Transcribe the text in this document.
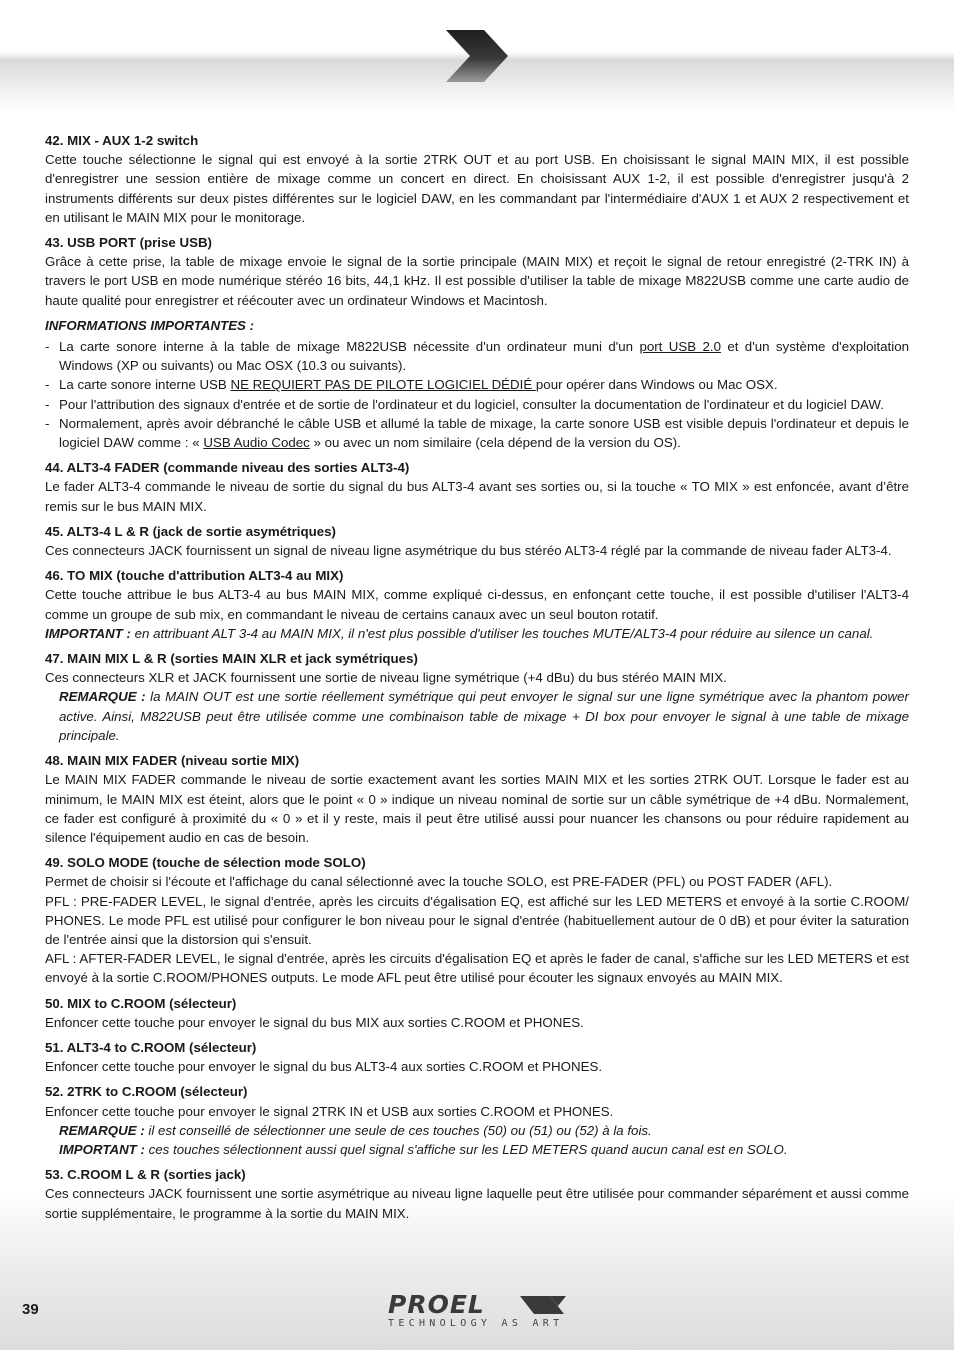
42. MIX - AUX 1-2 switch

Cette touche sélectionne le signal qui est envoyé à la sortie 2TRK OUT et au port USB. En choisissant le signal MAIN MIX, il est possible d'enregistrer une session entière de mixage comme un concert en direct. En choisissant AUX 1-2, il est possible d'enregistrer jusqu'à 2 instruments différents sur deux pistes différentes sur le logiciel DAW, en les commandant par l'intermédiaire d'AUX 1 et AUX 2 respectivement et en utilisant le MAIN MIX pour le monitorage.

43. USB PORT (prise USB)

Grâce à cette prise, la table de mixage envoie le signal de la sortie principale (MAIN MIX) et reçoit le signal de retour enregistré (2-TRK IN) à travers le port USB en mode numérique stéréo 16 bits, 44,1 kHz. Il est possible d'utiliser la table de mixage M822USB comme une carte audio de haute qualité pour enregistrer et réécouter avec un ordinateur Windows et Macintosh.

INFORMATIONS IMPORTANTES :

- La carte sonore interne à la table de mixage M822USB nécessite d'un ordinateur muni d'un port USB 2.0 et d'un système d'exploitation Windows (XP ou suivants) ou Mac OSX (10.3 ou suivants).
- La carte sonore interne USB NE REQUIERT PAS DE PILOTE LOGICIEL DÉDIÉ pour opérer dans Windows ou Mac OSX.
- Pour l'attribution des signaux d'entrée et de sortie de l'ordinateur et du logiciel, consulter la documentation de l'ordinateur et du logiciel DAW.
- Normalement, après avoir débranché le câble USB et allumé la table de mixage, la carte sonore USB est visible depuis l'ordinateur et depuis le logiciel DAW comme : « USB Audio Codec » ou avec un nom similaire (cela dépend de la version du OS).

44. ALT3-4 FADER (commande niveau des sorties ALT3-4)

Le fader ALT3-4 commande le niveau de sortie du signal du bus ALT3-4 avant ses sorties ou, si la touche « TO MIX » est enfoncée, avant d’être remis sur le bus MAIN MIX.

45. ALT3-4 L & R (jack de sortie asymétriques)

Ces connecteurs JACK fournissent un signal de niveau ligne asymétrique du bus stéréo ALT3-4 réglé par la commande de niveau fader ALT3-4.

46. TO MIX (touche d'attribution ALT3-4 au MIX)

Cette touche attribue le bus ALT3-4 au bus MAIN MIX, comme expliqué ci-dessus, en enfonçant cette touche, il est possible d'utiliser l'ALT3-4 comme un groupe de sub mix, en commandant le niveau de certains canaux avec un seul bouton rotatif.

IMPORTANT : en attribuant ALT 3-4 au MAIN MIX, il n'est plus possible d'utiliser les touches MUTE/ALT3-4 pour réduire au silence un canal.

47. MAIN MIX L & R (sorties MAIN XLR et jack symétriques)

Ces connecteurs XLR et JACK fournissent une sortie de niveau ligne symétrique (+4 dBu) du bus stéréo MAIN MIX.

REMARQUE : la MAIN OUT est une sortie réellement symétrique qui peut envoyer le signal sur une ligne symétrique avec la phantom power active. Ainsi, M822USB peut être utilisée comme une combinaison table de mixage + DI box pour envoyer le signal à une table de mixage principale.

48. MAIN MIX FADER (niveau sortie MIX)

Le MAIN MIX FADER commande le niveau de sortie exactement avant les sorties MAIN MIX et les sorties 2TRK OUT. Lorsque le fader est au minimum, le MAIN MIX est éteint, alors que le point « 0 » indique un niveau nominal de sortie sur un câble symétrique de +4 dBu. Normalement, ce fader est configuré à proximité du « 0 » et il y reste, mais il peut être utilisé aussi pour nuancer les chansons ou pour réduire rapidement au silence l'équipement audio en cas de besoin.

49. SOLO MODE (touche de sélection mode SOLO)

Permet de choisir si l'écoute et l'affichage du canal sélectionné avec la touche SOLO, est PRE-FADER (PFL) ou POST FADER (AFL).

PFL : PRE-FADER LEVEL, le signal d'entrée, après les circuits d'égalisation EQ, est affiché sur les LED METERS et envoyé à la sortie C.ROOM/ PHONES. Le mode PFL est utilisé pour configurer le bon niveau pour le signal d'entrée (habituellement autour de 0 dB) et pour éviter la saturation de l'entrée ainsi que la distorsion qui s'ensuit.

AFL : AFTER-FADER LEVEL, le signal d'entrée, après les circuits d'égalisation EQ et après le fader de canal, s'affiche sur les LED METERS et est envoyé à la sortie C.ROOM/PHONES outputs. Le mode AFL peut être utilisé pour écouter les signaux envoyés au MAIN MIX.

50. MIX to C.ROOM (sélecteur)

Enfoncer cette touche pour envoyer le signal du bus MIX aux sorties C.ROOM et PHONES.

51. ALT3-4 to C.ROOM (sélecteur)

Enfoncer cette touche pour envoyer le signal du bus ALT3-4 aux sorties C.ROOM et PHONES.

52. 2TRK to C.ROOM (sélecteur)

Enfoncer cette touche pour envoyer le signal 2TRK IN et USB aux sorties C.ROOM et PHONES.

REMARQUE : il est conseillé de sélectionner une seule de ces touches (50) ou (51) ou (52) à la fois.

IMPORTANT : ces touches sélectionnent aussi quel signal s'affiche sur les LED METERS quand aucun canal est en SOLO.

53. C.ROOM L & R (sorties jack)

Ces connecteurs JACK fournissent une sortie asymétrique au niveau ligne laquelle peut être utilisée pour commander séparément et aussi comme sortie supplémentaire, le programme à la sortie du MAIN MIX.

39	PROEL
TECHNOLOGY AS ART
